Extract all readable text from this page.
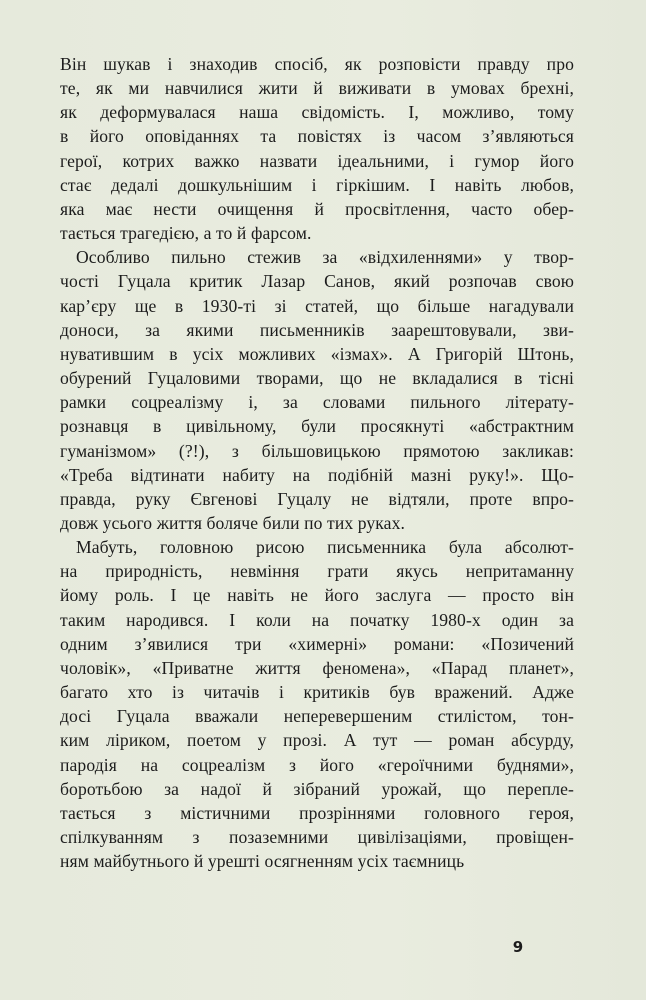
Він шукав і знаходив спосіб, як розповісти правду про
те, як ми навчилися жити й виживати в умовах брехні,
як деформувалася наша свідомість. І, можливо, тому
в його оповіданнях та повістях із часом з’являються
герої, котрих важко назвати ідеальними, і гумор його
стає дедалі дошкульнішим і гіркішим. І навіть любов,
яка має нести очищення й просвітлення, часто обер-
тається трагедією, а то й фарсом.

Особливо пильно стежив за «відхиленнями» у твор-
чості Гуцала критик Лазар Санов, який розпочав свою
кар’єру ще в 1930-ті зі статей, що більше нагадували
доноси, за якими письменників заарештовували, зви-
нуватившим в усіх можливих «ізмах». А Григорій Штонь,
обурений Гуцаловими творами, що не вкладалися в тісні
рамки соцреалізму і, за словами пильного літерату-
рознавця в цивільному, були просякнуті «абстрактним
гуманізмом» (?!), з більшовицькою прямотою закликав:
«Треба відтинати набиту на подібній мазні руку!». Що-
правда, руку Євгенові Гуцалу не відтяли, проте впро-
довж усього життя боляче били по тих руках.

Мабуть, головною рисою письменника була абсолют-
на природність, невміння грати якусь непритаманну
йому роль. І це навіть не його заслуга — просто він
таким народився. І коли на початку 1980-х один за
одним з’явилися три «химерні» романи: «Позичений
чоловік», «Приватне життя феномена», «Парад планет»,
багато хто із читачів і критиків був вражений. Адже
досі Гуцала вважали неперевершеним стилістом, тон-
ким ліриком, поетом у прозі. А тут — роман абсурду,
пародія на соцреалізм з його «героїчними буднями»,
боротьбою за надої й зібраний урожай, що перепле-
тається з містичними прозріннями головного героя,
спілкуванням з позаземними цивілізаціями, провіщен-
ням майбутнього й урешті осягненням усіх таємниць

9
